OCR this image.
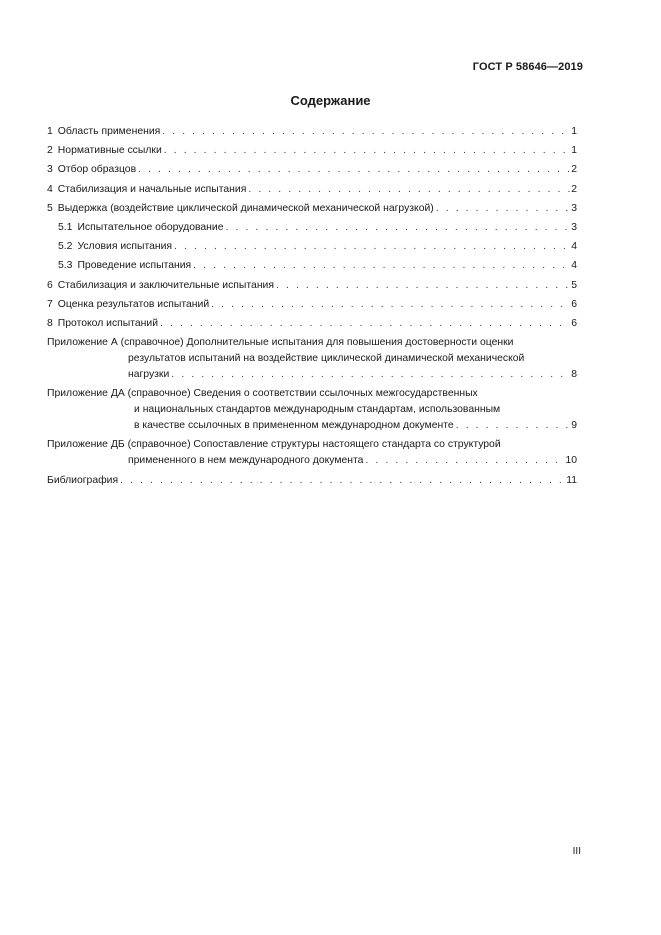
ГОСТ Р 58646—2019
Содержание
1 Область применения . . .	1
2 Нормативные ссылки . . .	1
3 Отбор образцов . . .	2
4 Стабилизация и начальные испытания . . .	2
5 Выдержка (воздействие циклической динамической механической нагрузкой) . . .	3
5.1 Испытательное оборудование . . .	3
5.2 Условия испытания . . .	4
5.3 Проведение испытания . . .	4
6 Стабилизация и заключительные испытания . . .	5
7 Оценка результатов испытаний . . .	6
8 Протокол испытаний . . .	6
Приложение А (справочное) Дополнительные испытания для повышения достоверности оценки
результатов испытаний на воздействие циклической динамической механической
нагрузки . . .	8
Приложение ДА (справочное) Сведения о соответствии ссылочных межгосударственных
и национальных стандартов международным стандартам, использованным
в качестве ссылочных в примененном международном документе . . .	9
Приложение ДБ (справочное) Сопоставление структуры настоящего стандарта со структурой
примененного в нем международного документа . . .	10
Библиография . . .	11
III
